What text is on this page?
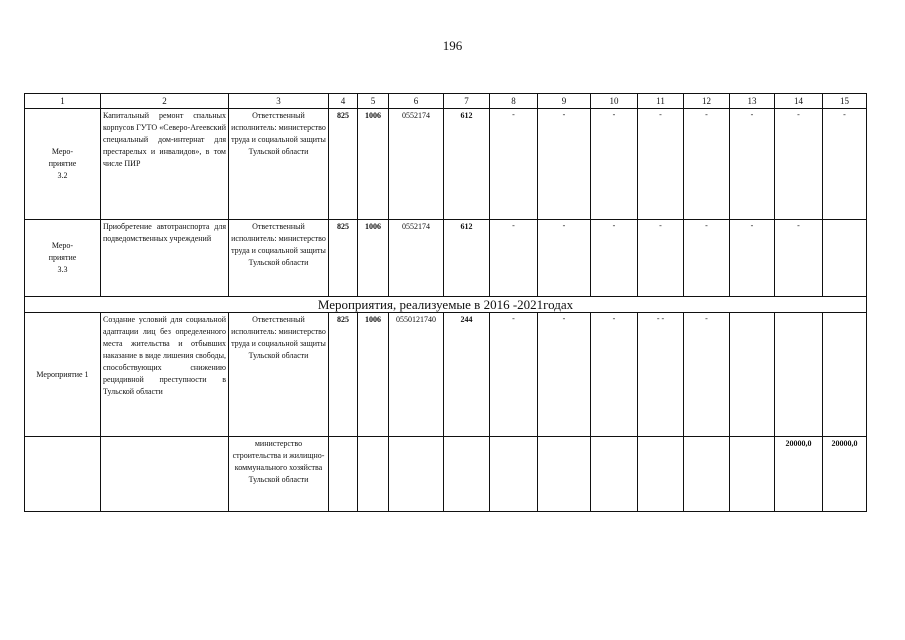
196
1	2	3	4	5	6	7	8	9	10	11	12	13	14	15
Меро-
приятие
3.2	Капитальный ремонт спальных корпусов ГУТО «Северо-Агеевский специальный дом-интернат для престарелых и инвалидов», в том числе ПИР	Ответственный исполнитель: министерство труда и социальной защиты Тульской области	825	1006	0552174	612	-	-	-	-	-	-	-	-
Меро-
приятие
3.3	Приобретение автотранспорта для подведомственных учреждений	Ответственный исполнитель: министерство труда и социальной защиты Тульской области	825	1006	0552174	612	-	-	-	-	-	-	-	
Мероприятия, реализуемые в 2016 -2021годах														
Мероприятие 1	Создание условий для социальной адаптации лиц без определенного места жительства и отбывших наказание в виде лишения свободы, способствующих снижению рецидивной преступности в Тульской области	Ответственный исполнитель: министерство труда и социальной защиты Тульской области	825	1006	0550121740	244	-	-	-	- -	-			
		министерство строительства и жилищно-коммунального хозяйства Тульской области											20000,0	20000,0
